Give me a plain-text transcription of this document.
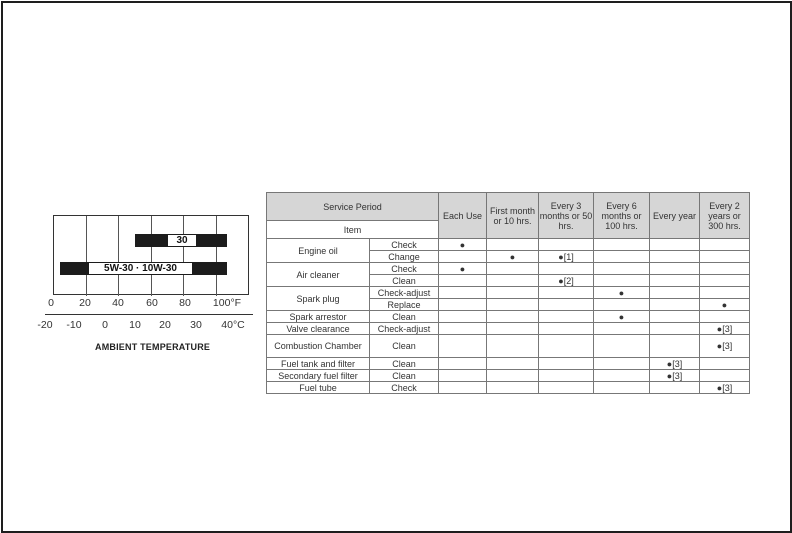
30
5W-30 · 10W-30
0 20 40 60 80 100°F
-20 -10 0 10 20 30 40°C
AMBIENT TEMPERATURE
Service Period		Each Use	First month or 10 hrs.	Every 3 months or 50 hrs.	Every 6 months or 100 hrs.	Every year	Every 2 years or 300 hrs.
Item							
Engine oil	Check	●					
	Change		●	●[1]			
Air cleaner	Check	●					
	Clean			●[2]			
Spark plug	Check-adjust				●		
	Replace						●
Spark arrestor	Clean				●		
Valve clearance	Check-adjust						●[3]
Combustion Chamber	Clean						●[3]
Fuel tank and filter	Clean					●[3]	
Secondary fuel filter	Clean					●[3]	
Fuel tube	Check						●[3]
